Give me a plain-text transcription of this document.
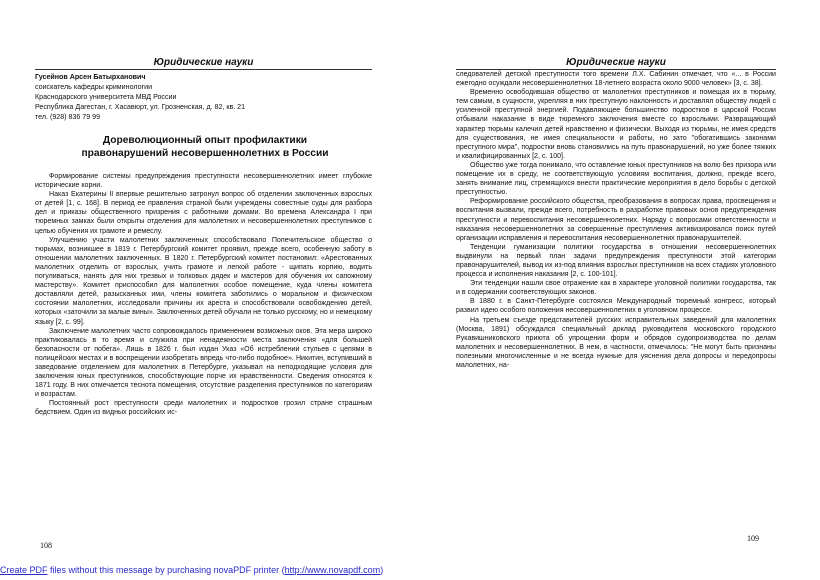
Юридические науки
Гусейнов Арсен Батырханович
соискатель кафедры криминологии
Краснодарского университета МВД России
Республика Дагестан, г. Хасавюрт, ул. Грозненская, д. 82, кв. 21
тел. (928) 836 79 99
Дореволюционный опыт профилактики
правонарушений несовершеннолетних в России

Формирование системы предупреждения преступности несовершеннолетних имеет глубокие исторические корни.

Наказ Екатерины II впервые решительно затронул вопрос об отделении заключенных взрослых от детей [1, с. 168]. В период ее правления страной были учреждены совестные суды для разбора дел и приказы общественного призрения с работными домами. Во времена Александра I при тюремных замках были открыты отделения для малолетних и несовершеннолетних преступников с целью обучения их грамоте и ремеслу.

Улучшению участи малолетних заключенных способствовало Попечительское общество о тюрьмах, возникшее в 1819 г. Петербургский комитет проявил, прежде всего, особенную заботу в отношении малолетних заключенных. В 1820 г. Петербургский комитет постановил: «Арестованных малолетних отделить от взрослых, учить грамоте и легкой работе - щипать корпию, водить погуливаться, нанять для них трезвых и толковых дядек и мастеров для обучения их сапожному мастерству». Комитет приспособил для малолетних особое помещение, куда члены комитета доставляли детей, разысканных ими, члены комитета заботились о моральном и физическом состоянии малолетних, исследовали причины их ареста и способствовали освобождению детей, которых «заточили за малые вины». Заключенных детей обучали не только русскому, но и немецкому языку [2, с. 99].

Заключение малолетних часто сопровождалось применением возможных оков. Эта мера широко практиковалась в то время и служила при ненадежности места заключения «для большей безопасности от побега». Лишь в 1826 г. был издан Указ «Об истреблении стульев с цепями в полицейских местах и в воспрещении изобретать впредь что-либо подобное». Никитин, вступивший в заведование отделением для малолетних в Петербурге, указывал на неподходящие условия для заключения юных преступников, способствующие порче их нравственности. Сведения относятся к 1871 году. В них отмечается теснота помещения, отсутствие разделения преступников по категориям и возрастам.

Постоянный рост преступности среди малолетних и подростков грозил стране страшным бедствием. Один из видных российских ис-

108
Юридические науки

следователей детской преступности того времени Л.Х. Сабинин отмечает, что «... в России ежегодно осуждали несовершеннолетних 18-летнего возраста около 9000 человек» [3, с. 38].

Временно освободившая общество от малолетних преступников и помещая их в тюрьму, тем самым, в сущности, укрепляя в них преступную наклонность и доставлял обществу людей с усиленной преступной энергией. Подавляющее большинство подростков в царской России отбывали наказание в виде тюремного заключения вместе со взрослыми. Развращающий характер тюрьмы калечил детей нравственно и физически. Выходя из тюрьмы, не имея средств для существования, не имея специальности и работы, но зато "обогатившись законами преступного мира", подростки вновь становились на путь правонарушений, но уже более тяжких и квалифицированных [2, с. 100].

Общество уже тогда понимало, что оставление юных преступников на волю без призора или помещение их в среду, не соответствующую условиям воспитания, должно, прежде всего, занять внимание лиц, стремящихся внести практические мероприятия в дело борьбы с детской преступностью.

Реформирование российского общества, преобразования в вопросах права, просвещения и воспитания вызвали, прежде всего, потребность в разработке правовых основ предупреждения преступности и перевоспитания несовершеннолетних. Наряду с вопросами ответственности и наказания несовершеннолетних за совершенные преступления активизировался поиск путей организации исправления и перевоспитания несовершеннолетних правонарушителей.

Тенденции гуманизации политики государства в отношении несовершеннолетних выдвинули на первый план задачи предупреждения преступности этой категории правонарушителей, вывод их из-под влияния взрослых преступников на всех стадиях уголовного процесса и исполнения наказания [2, с. 100-101].

Эти тенденции нашли свое отражение как в характере уголовной политики государства, так и в содержании соответствующих законов.

В 1880 г. в Санкт-Петербурге состоялся Международный тюремный конгресс, который развил идею особого положения несовершеннолетних в уголовном процессе.

На третьем съезде представителей русских исправительных заведений для малолетних (Москва, 1891) обсуждался специальный доклад руководителя московского городского Рукавишниковского приюта об упрощении форм и обрядов судопроизводства по делам малолетних и несовершеннолетних. В нем, в частности, отмечалось: "Не могут быть признаны полезными многочисленные и не всегда нужные для уяснения дела допросы и передопросы малолетних, на-

109
Create PDF files without this message by purchasing novaPDF printer (http://www.novapdf.com)
